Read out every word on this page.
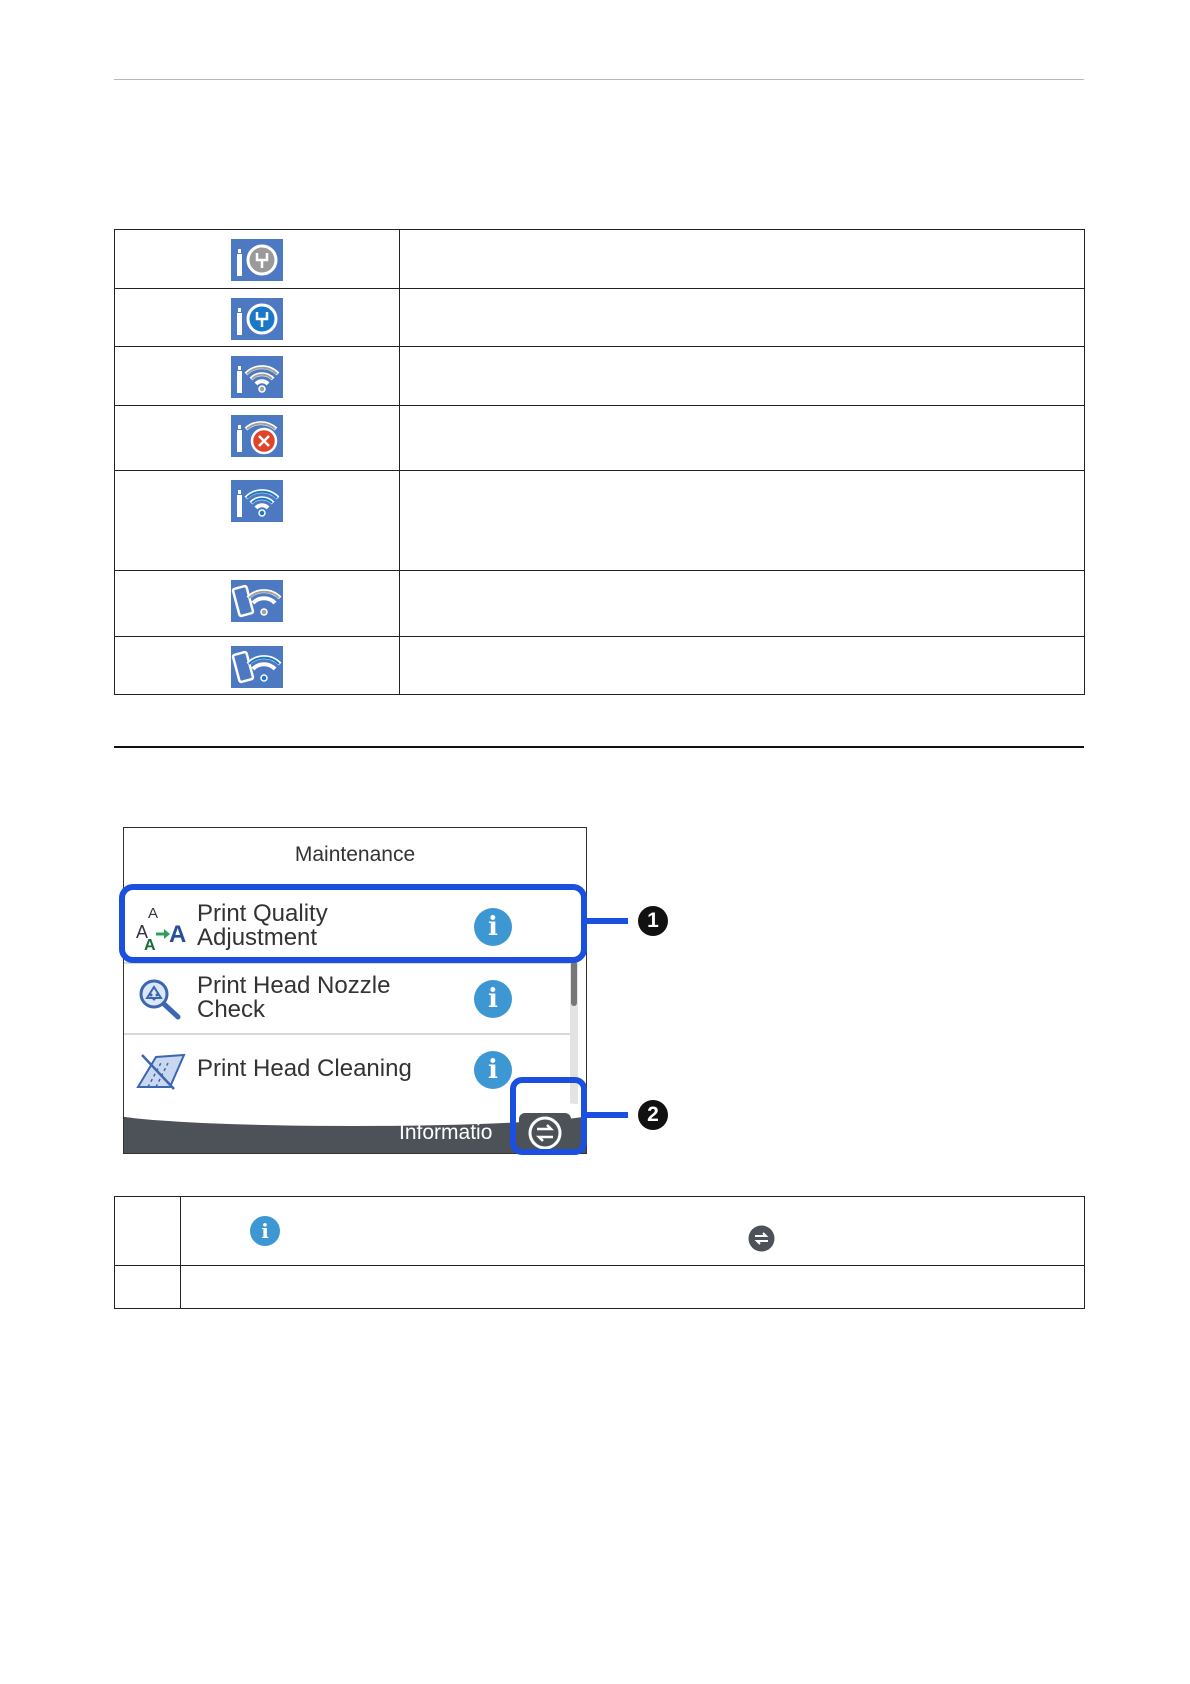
Maintenance
A
A
A A
Print Quality
Adjustment	i
Print Head Nozzle
Check	i
Print Head Cleaning	i
Informatio
1
2

i
